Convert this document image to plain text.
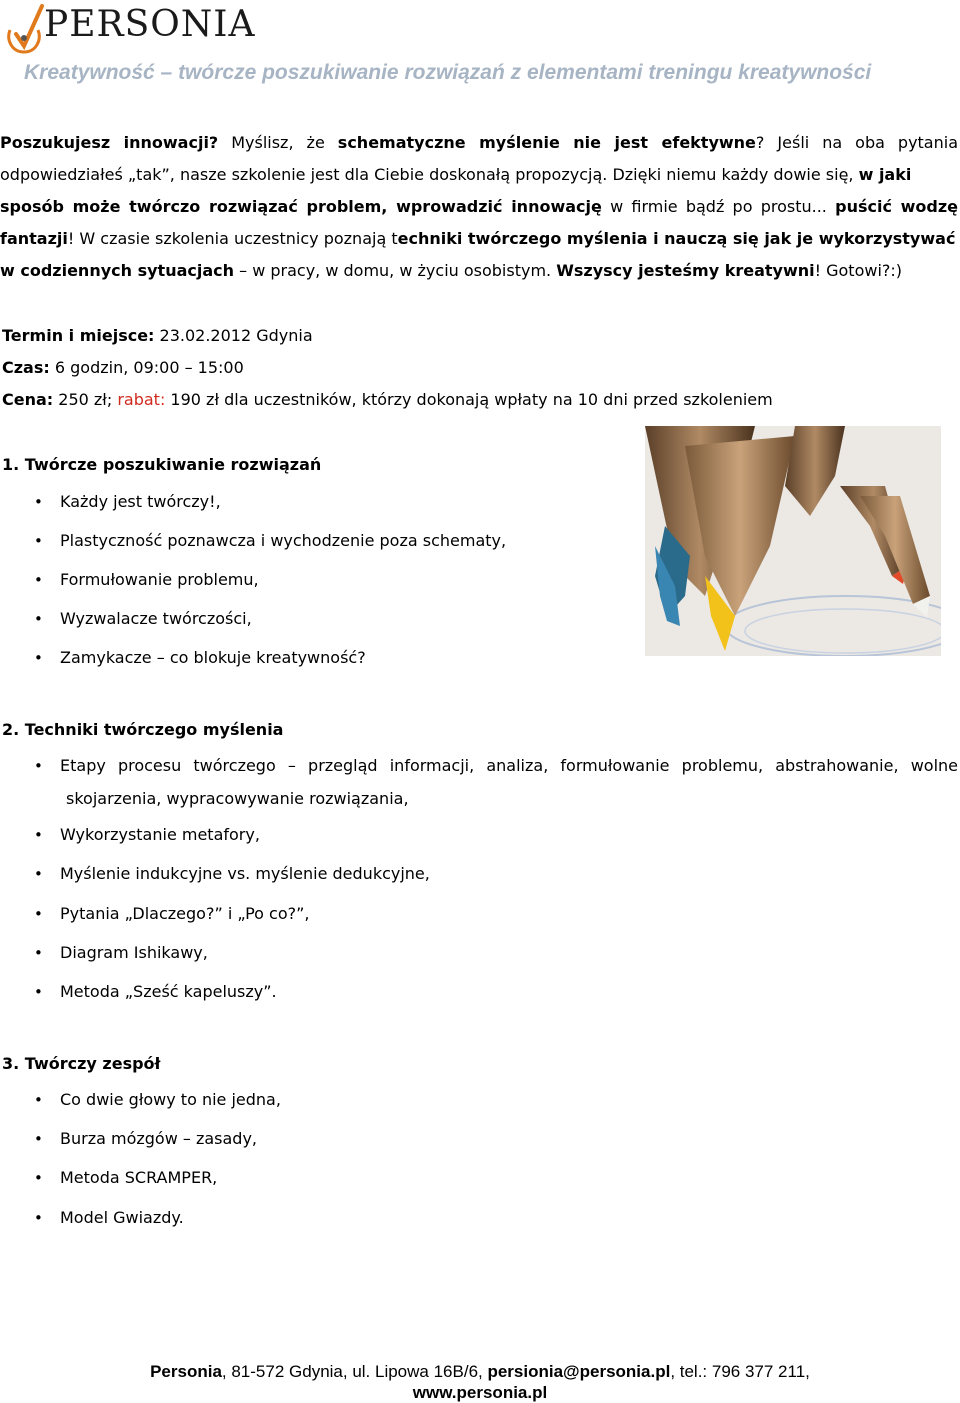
PERSONIA
Kreatywność – twórcze poszukiwanie rozwiązań z elementami treningu kreatywności
Poszukujesz innowacji? Myślisz, że schematyczne myślenie nie jest efektywne? Jeśli na oba pytania
odpowiedziałeś „tak”, nasze szkolenie jest dla Ciebie doskonałą propozycją. Dzięki niemu każdy dowie się, w jaki
sposób może twórczo rozwiązać problem, wprowadzić innowację w firmie bądź po prostu... puścić wodzę
fantazji! W czasie szkolenia uczestnicy poznają techniki twórczego myślenia i nauczą się jak je wykorzystywać
w codziennych sytuacjach – w pracy, w domu, w życiu osobistym. Wszyscy jesteśmy kreatywni! Gotowi?:)
Termin i miejsce: 23.02.2012 Gdynia
Czas: 6 godzin, 09:00 – 15:00
Cena: 250 zł; rabat: 190 zł dla uczestników, którzy dokonają wpłaty na 10 dni przed szkoleniem
1. Twórcze poszukiwanie rozwiązań
• Każdy jest twórczy!,
• Plastyczność poznawcza i wychodzenie poza schematy,
• Formułowanie problemu,
• Wyzwalacze twórczości,
• Zamykacze – co blokuje kreatywność?
2. Techniki twórczego myślenia
• Etapy procesu twórczego – przegląd informacji, analiza, formułowanie problemu, abstrahowanie, wolne
skojarzenia, wypracowywanie rozwiązania,
• Wykorzystanie metafory,
• Myślenie indukcyjne vs. myślenie dedukcyjne,
• Pytania „Dlaczego?” i „Po co?”,
• Diagram Ishikawy,
• Metoda „Sześć kapeluszy”.
3. Twórczy zespół
• Co dwie głowy to nie jedna,
• Burza mózgów – zasady,
• Metoda SCRAMPER,
• Model Gwiazdy.
Personia, 81-572 Gdynia, ul. Lipowa 16B/6, persionia@personia.pl, tel.: 796 377 211,
www.personia.pl
